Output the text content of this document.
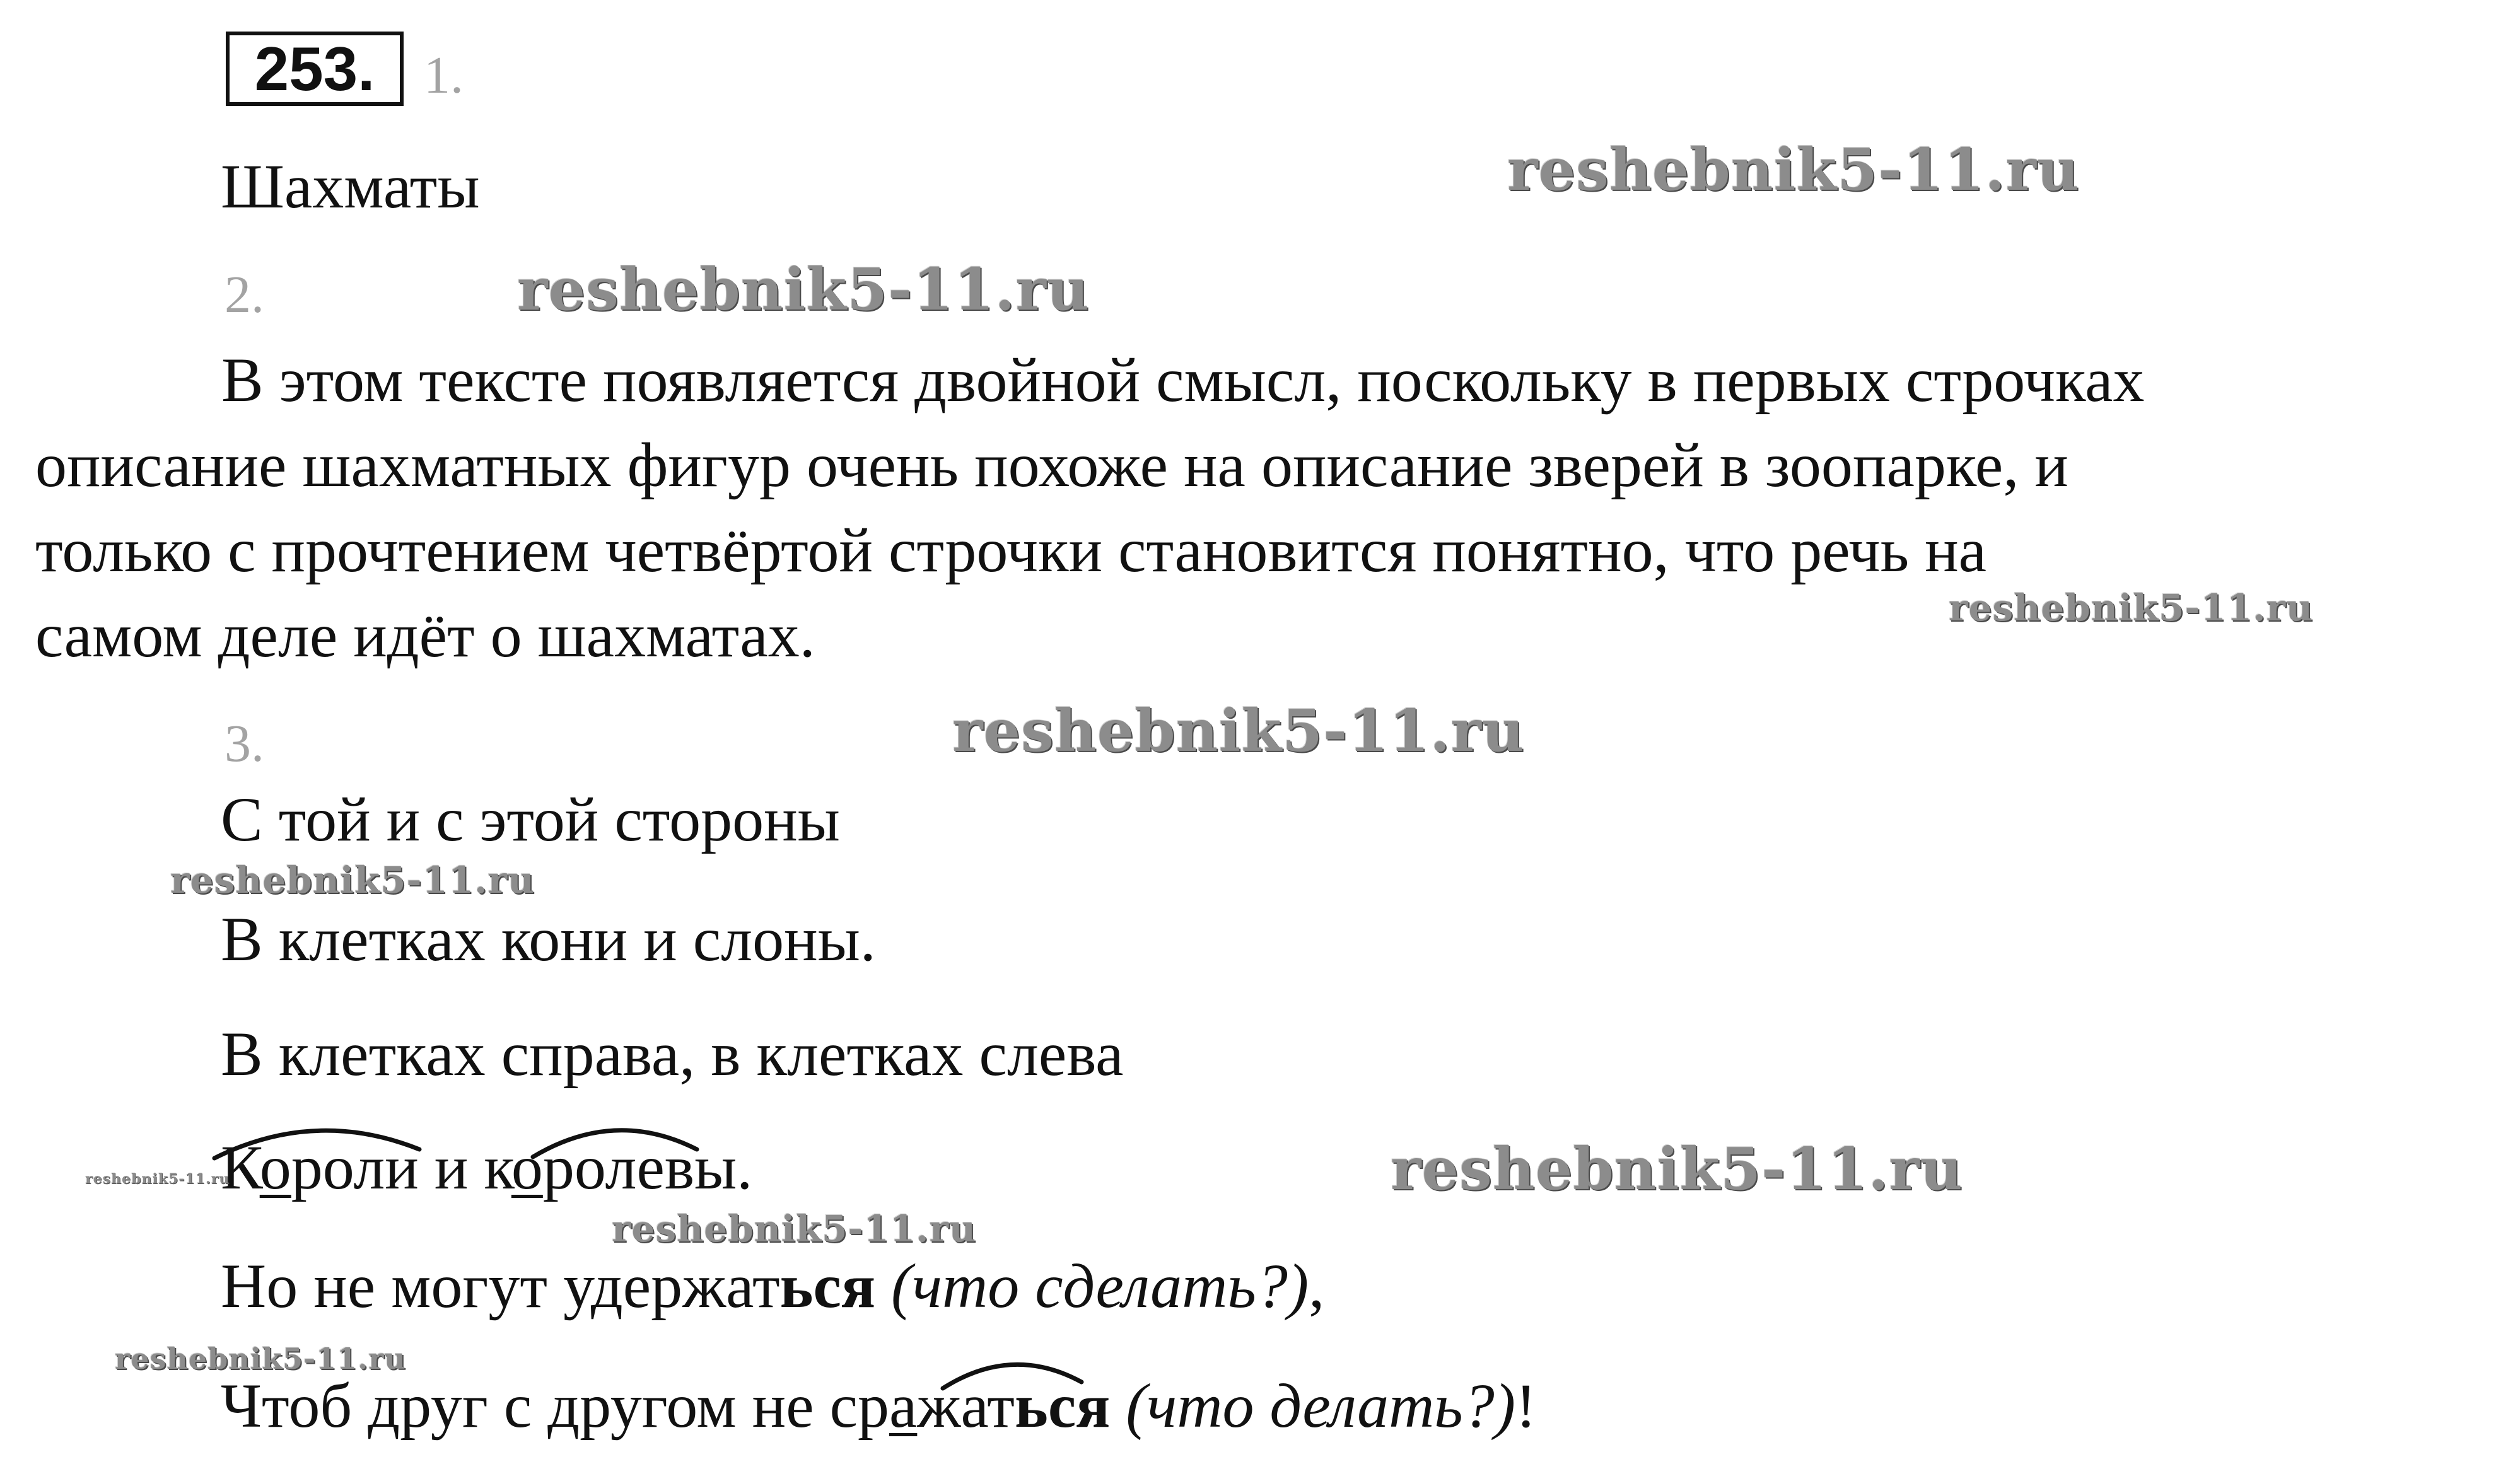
253. 1.
Шахматы
2.
В этом тексте появляется двойной смысл, поскольку в первых строчках
описание шахматных фигур очень похоже на описание зверей в зоопарке, и
только с прочтением четвёртой строчки становится понятно, что речь на
самом деле идёт о шахматах.
3.
С той и с этой стороны
В клетках кони и слоны.
В клетках справа, в клетках слева
Короли и королевы.
Но не могут удержаться (что сделать?),
Чтоб друг с другом не сражаться (что делать?)!
reshebnik5-11.ru
reshebnik5-11.ru
reshebnik5-11.ru
reshebnik5-11.ru
reshebnik5-11.ru
reshebnik5-11.ru	reshebnik5-11.ru
reshebnik5-11.ru
reshebnik5-11.ru
